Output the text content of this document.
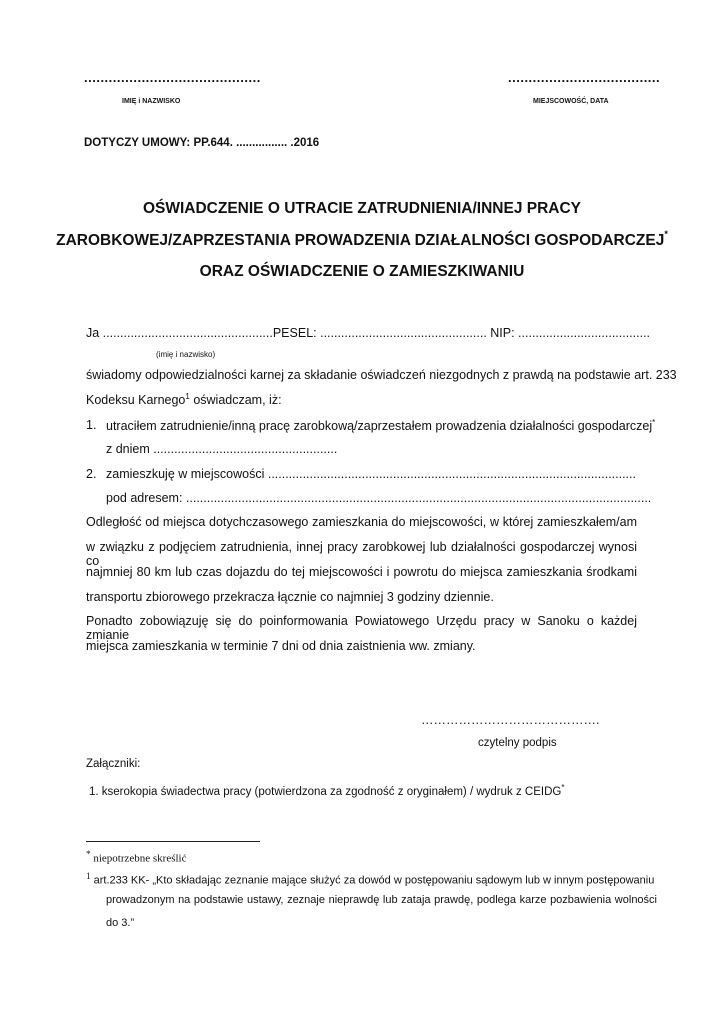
...........................................
IMIĘ i NAZWISKO
.....................................
MIEJSCOWOŚĆ, DATA
DOTYCZY UMOWY: PP.644. ................ .2016
OŚWIADCZENIE O UTRACIE ZATRUDNIENIA/INNEJ PRACY
ZAROBKOWEJ/ZAPRZESTANIA PROWADZENIA DZIAŁALNOŚCI GOSPODARCZEJ*
ORAZ OŚWIADCZENIE O ZAMIESZKIWANIU
Ja .................................................PESEL: ................................................ NIP: ......................................
(imię i nazwisko)
świadomy odpowiedzialności karnej za składanie oświadczeń niezgodnych z prawdą na podstawie art. 233
Kodeksu Karnego$^1$ oświadczam, iż:
1. utraciłem zatrudnienie/inną pracę zarobkową/zaprzestałem prowadzenia działalności gospodarczej*
z dniem .....................................................
2. zamieszkuję w miejscowości ..........................................................................................................
pod adresem: ......................................................................................................................................
Odległość od miejsca dotychczasowego zamieszkania do miejscowości, w której zamieszkałem/am
w związku z podjęciem zatrudnienia, innej pracy zarobkowej lub działalności gospodarczej wynosi co
najmniej 80 km lub czas dojazdu do tej miejscowości i powrotu do miejsca zamieszkania środkami
transportu zbiorowego przekracza łącznie co najmniej 3 godziny dziennie.
Ponadto zobowiązuję się do poinformowania Powiatowego Urzędu pracy w Sanoku o każdej zmianie
miejsca zamieszkania w terminie 7 dni od dnia zaistnienia ww. zmiany.
…………………………………….
czytelny podpis
Załączniki:
1. kserokopia świadectwa pracy (potwierdzona za zgodność z oryginałem) / wydruk z CEIDG*
* niepotrzebne skreślić
$^1$ art.233 KK- „Kto składając zeznanie mające służyć za dowód w postępowaniu sądowym lub w innym postępowaniu
prowadzonym na podstawie ustawy, zeznaje nieprawdę lub zataja prawdę, podlega karze pozbawienia wolności
do 3.”
